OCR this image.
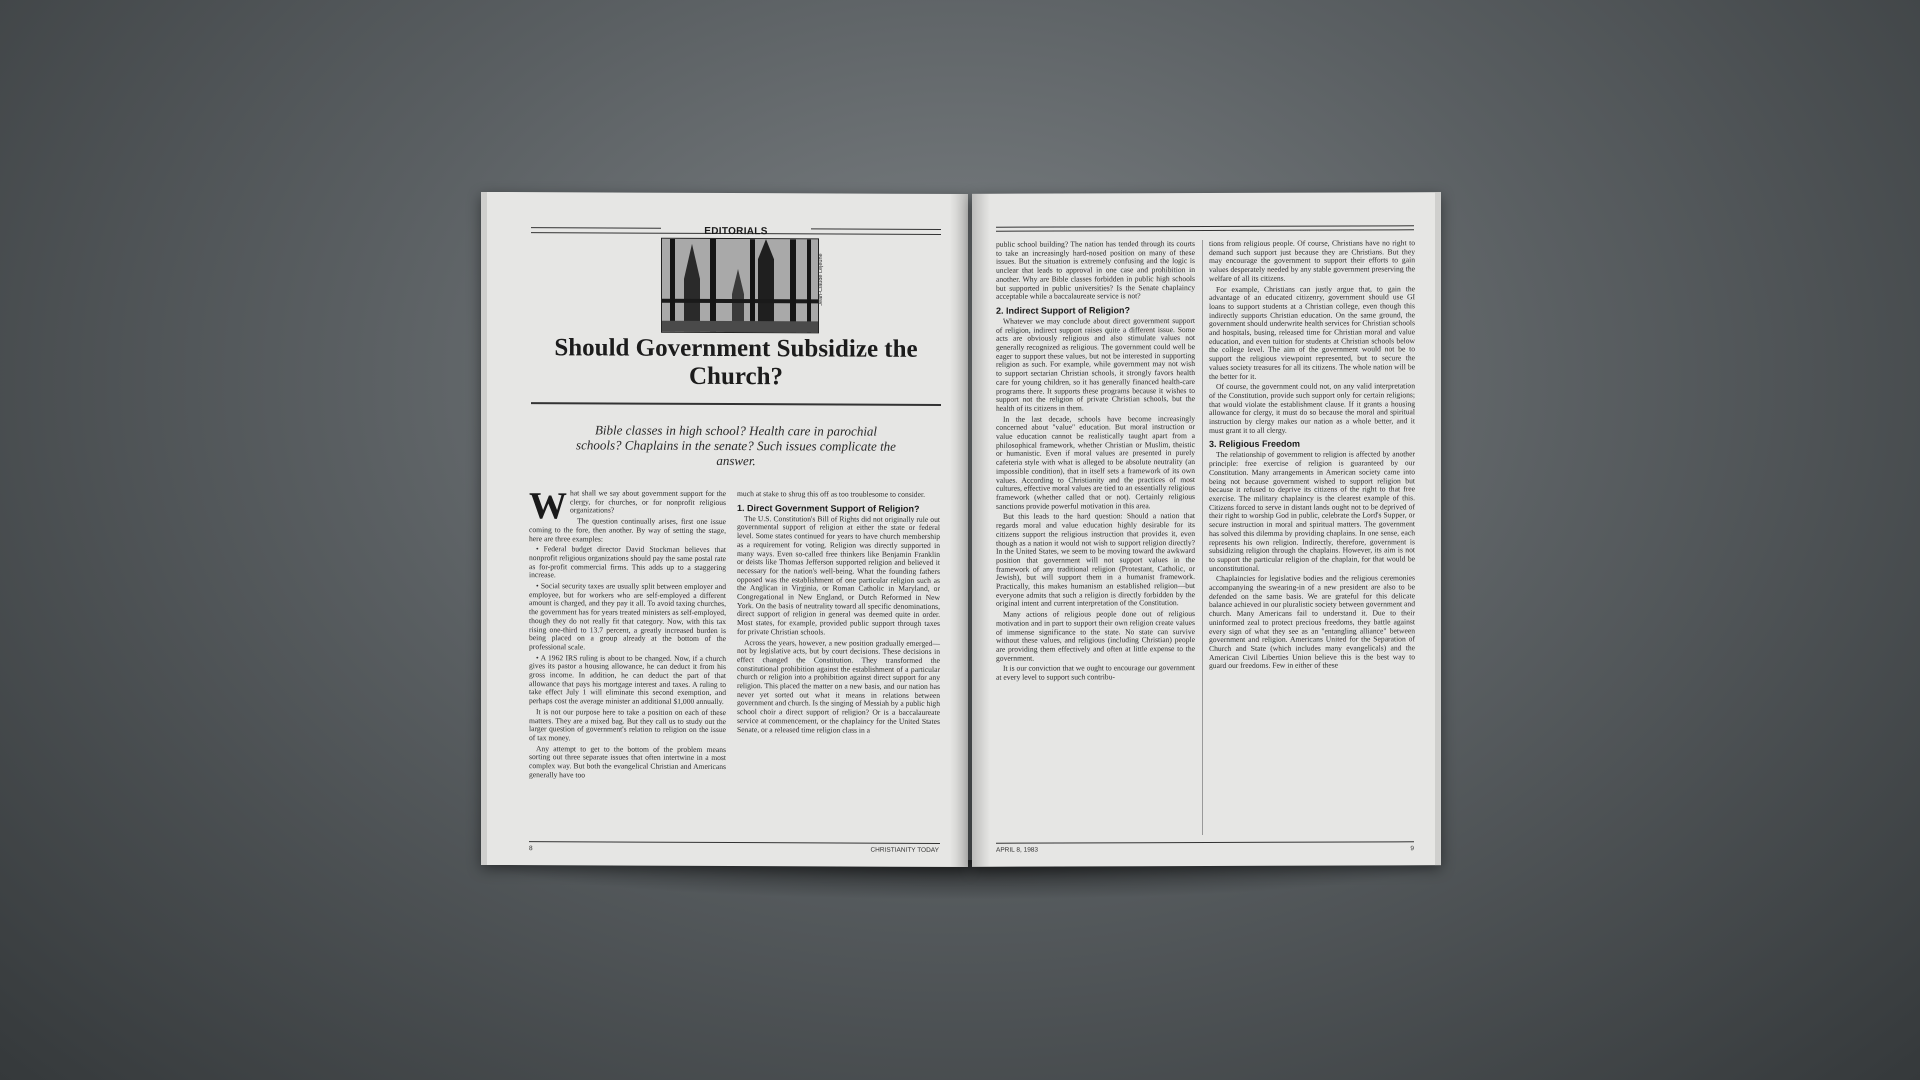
EDITORIALS
Jean-Claude Lejeune
Should Government Subsidize the Church?
Bible classes in high school? Health care in parochial schools? Chaplains in the senate? Such issues complicate the answer.
W hat shall we say about government support for the clergy, for churches, or for nonprofit religious organizations?

The question continually arises, first one issue coming to the fore, then another. By way of setting the stage, here are three examples:

• Federal budget director David Stockman believes that nonprofit religious organizations should pay the same postal rate as for-profit commercial firms. This adds up to a staggering increase.

• Social security taxes are usually split between employer and employee, but for workers who are self-employed a different amount is charged, and they pay it all. To avoid taxing churches, the government has for years treated ministers as self-employed, though they do not really fit that category. Now, with this tax rising one-third to 13.7 percent, a greatly increased burden is being placed on a group already at the bottom of the professional scale.

• A 1962 IRS ruling is about to be changed. Now, if a church gives its pastor a housing allowance, he can deduct it from his gross income. In addition, he can deduct the part of that allowance that pays his mortgage interest and taxes. A ruling to take effect July 1 will eliminate this second exemption, and perhaps cost the average minister an additional $1,000 annually.

It is not our purpose here to take a position on each of these matters. They are a mixed bag. But they call us to study out the larger question of government's relation to religion on the issue of tax money.

Any attempt to get to the bottom of the problem means sorting out three separate issues that often intertwine in a most complex way. But both the evangelical Christian and Americans generally have too

much at stake to shrug this off as too troublesome to consider.

1. Direct Government Support of Religion?

The U.S. Constitution's Bill of Rights did not originally rule out governmental support of religion at either the state or federal level. Some states continued for years to have church membership as a requirement for voting. Religion was directly supported in many ways. Even so-called free thinkers like Benjamin Franklin or deists like Thomas Jefferson supported religion and believed it necessary for the nation's well-being. What the founding fathers opposed was the establishment of one particular religion such as the Anglican in Virginia, or Roman Catholic in Maryland, or Congregational in New England, or Dutch Reformed in New York. On the basis of neutrality toward all specific denominations, direct support of religion in general was deemed quite in order. Most states, for example, provided public support through taxes for private Christian schools.

Across the years, however, a new position gradually emerged—not by legislative acts, but by court decisions. These decisions in effect changed the Constitution. They transformed the constitutional prohibition against the establishment of a particular church or religion into a prohibition against direct support for any religion. This placed the matter on a new basis, and our nation has never yet sorted out what it means in relations between government and church. Is the singing of Messiah by a public high school choir a direct support of religion? Or is a baccalaureate service at commencement, or the chaplaincy for the United States Senate, or a released time religion class in a

8	CHRISTIANITY TODAY

public school building? The nation has tended through its courts to take an increasingly hard-nosed position on many of these issues. But the situation is extremely confusing and the logic is unclear that leads to approval in one case and prohibition in another. Why are Bible classes forbidden in public high schools but supported in public universities? Is the Senate chaplaincy acceptable while a baccalaureate service is not?

2. Indirect Support of Religion?

Whatever we may conclude about direct government support of religion, indirect support raises quite a different issue. Some acts are obviously religious and also stimulate values not generally recognized as religious. The government could well be eager to support these values, but not be interested in supporting religion as such. For example, while government may not wish to support sectarian Christian schools, it strongly favors health care for young children, so it has generally financed health-care programs there. It supports these programs because it wishes to support not the religion of private Christian schools, but the health of its citizens in them.

In the last decade, schools have become increasingly concerned about "value" education. But moral instruction or value education cannot be realistically taught apart from a philosophical framework, whether Christian or Muslim, theistic or humanistic. Even if moral values are presented in purely cafeteria style with what is alleged to be absolute neutrality (an impossible condition), that in itself sets a framework of its own values. According to Christianity and the practices of most cultures, effective moral values are tied to an essentially religious framework (whether called that or not). Certainly religious sanctions provide powerful motivation in this area.

But this leads to the hard question: Should a nation that regards moral and value education highly desirable for its citizens support the religious instruction that provides it, even though as a nation it would not wish to support religion directly? In the United States, we seem to be moving toward the awkward position that government will not support values in the framework of any traditional religion (Protestant, Catholic, or Jewish), but will support them in a humanist framework. Practically, this makes humanism an established religion—but everyone admits that such a religion is directly forbidden by the original intent and current interpretation of the Constitution.

Many actions of religious people done out of religious motivation and in part to support their own religion create values of immense significance to the state. No state can survive without these values, and religious (including Christian) people are providing them effectively and often at little expense to the government.

It is our conviction that we ought to encourage our government at every level to support such contribu-

tions from religious people. Of course, Christians have no right to demand such support just because they are Christians. But they may encourage the government to support their efforts to gain values desperately needed by any stable government preserving the welfare of all its citizens.

For example, Christians can justly argue that, to gain the advantage of an educated citizenry, government should use GI loans to support students at a Christian college, even though this indirectly supports Christian education. On the same ground, the government should underwrite health services for Christian schools and hospitals, busing, released time for Christian moral and value education, and even tuition for students at Christian schools below the college level. The aim of the government would not be to support the religious viewpoint represented, but to secure the values society treasures for all its citizens. The whole nation will be the better for it.

Of course, the government could not, on any valid interpretation of the Constitution, provide such support only for certain religions; that would violate the establishment clause. If it grants a housing allowance for clergy, it must do so because the moral and spiritual instruction by clergy makes our nation as a whole better, and it must grant it to all clergy.

3. Religious Freedom

The relationship of government to religion is affected by another principle: free exercise of religion is guaranteed by our Constitution. Many arrangements in American society came into being not because government wished to support religion but because it refused to deprive its citizens of the right to that free exercise. The military chaplaincy is the clearest example of this. Citizens forced to serve in distant lands ought not to be deprived of their right to worship God in public, celebrate the Lord's Supper, or secure instruction in moral and spiritual matters. The government has solved this dilemma by providing chaplains. In one sense, each represents his own religion. Indirectly, therefore, government is subsidizing religion through the chaplains. However, its aim is not to support the particular religion of the chaplain, for that would be unconstitutional.

Chaplaincies for legislative bodies and the religious ceremonies accompanying the swearing-in of a new president are also to be defended on the same basis. We are grateful for this delicate balance achieved in our pluralistic society between government and church. Many Americans fail to understand it. Due to their uninformed zeal to protect precious freedoms, they battle against every sign of what they see as an "entangling alliance" between government and religion. Americans United for the Separation of Church and State (which includes many evangelicals) and the American Civil Liberties Union believe this is the best way to guard our freedoms. Few in either of these

APRIL 8, 1983	9
